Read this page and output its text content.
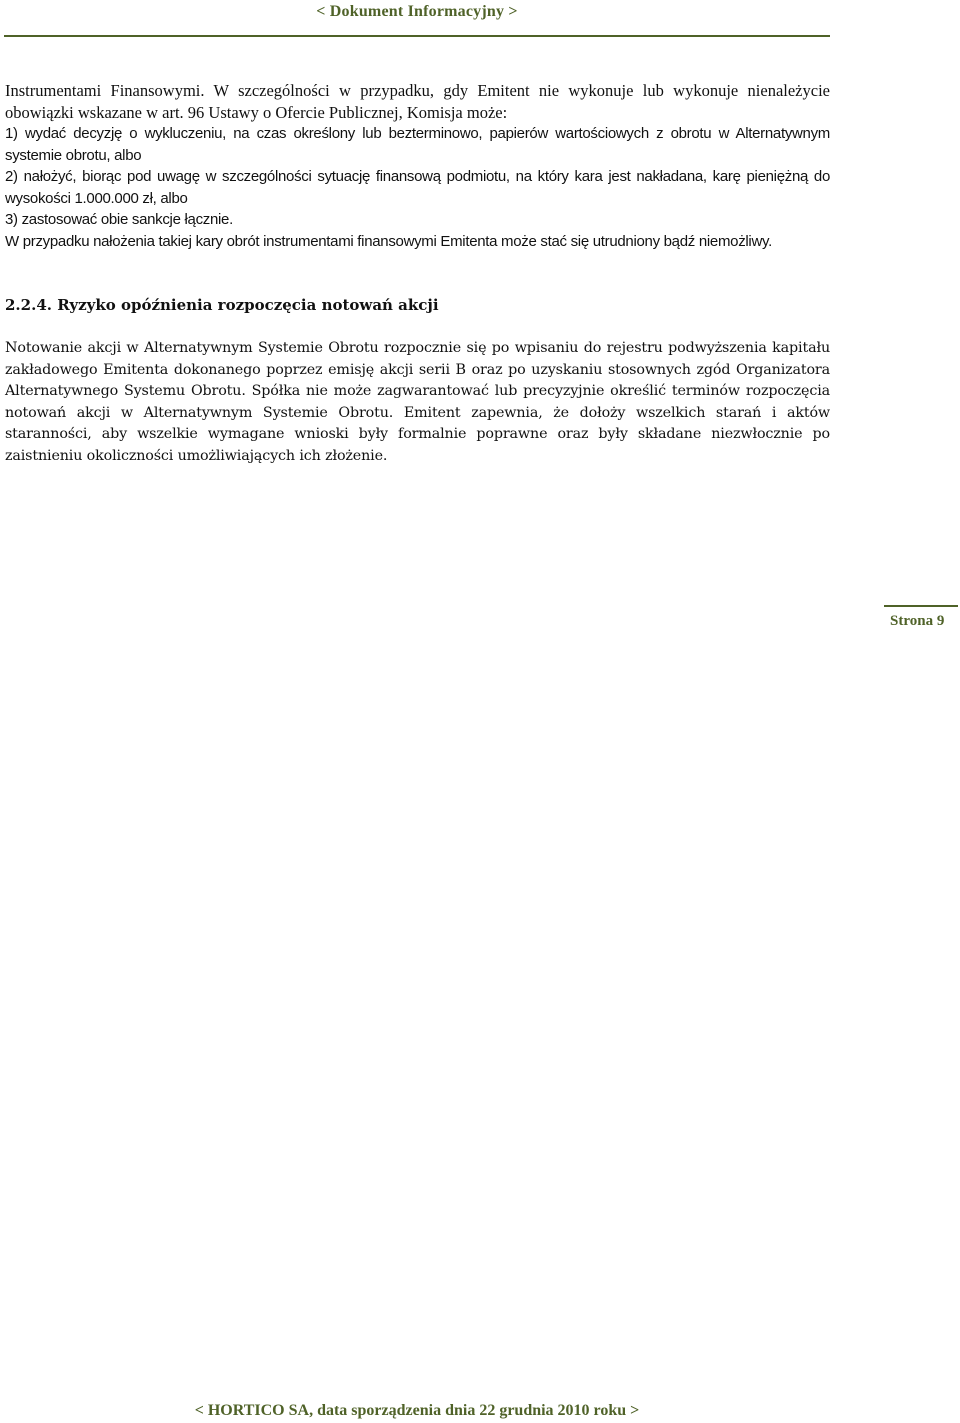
< Dokument Informacyjny >

Instrumentami Finansowymi. W szczególności w przypadku, gdy Emitent nie wykonuje lub wykonuje nienależycie obowiązki wskazane w art. 96 Ustawy o Ofercie Publicznej, Komisja może:

1) wydać decyzję o wykluczeniu, na czas określony lub bezterminowo, papierów wartościowych z obrotu w Alternatywnym systemie obrotu, albo

2) nałożyć, biorąc pod uwagę w szczególności sytuację finansową podmiotu, na który kara jest nakładana, karę pieniężną do wysokości 1.000.000 zł, albo

3) zastosować obie sankcje łącznie.

W przypadku nałożenia takiej kary obrót instrumentami finansowymi Emitenta może stać się utrudniony bądź niemożliwy.

2.2.4. Ryzyko opóźnienia rozpoczęcia notowań akcji

Notowanie akcji w Alternatywnym Systemie Obrotu rozpocznie się po wpisaniu do rejestru podwyższenia kapitału zakładowego Emitenta dokonanego poprzez emisję akcji serii B oraz po uzyskaniu stosownych zgód Organizatora Alternatywnego Systemu Obrotu. Spółka nie może zagwarantować lub precyzyjnie określić terminów rozpoczęcia notowań akcji w Alternatywnym Systemie Obrotu. Emitent zapewnia, że dołoży wszelkich starań i aktów staranności, aby wszelkie wymagane wnioski były formalnie poprawne oraz były składane niezwłocznie po zaistnieniu okoliczności umożliwiających ich złożenie.

Strona 9
< HORTICO SA, data sporządzenia dnia 22 grudnia 2010 roku >
